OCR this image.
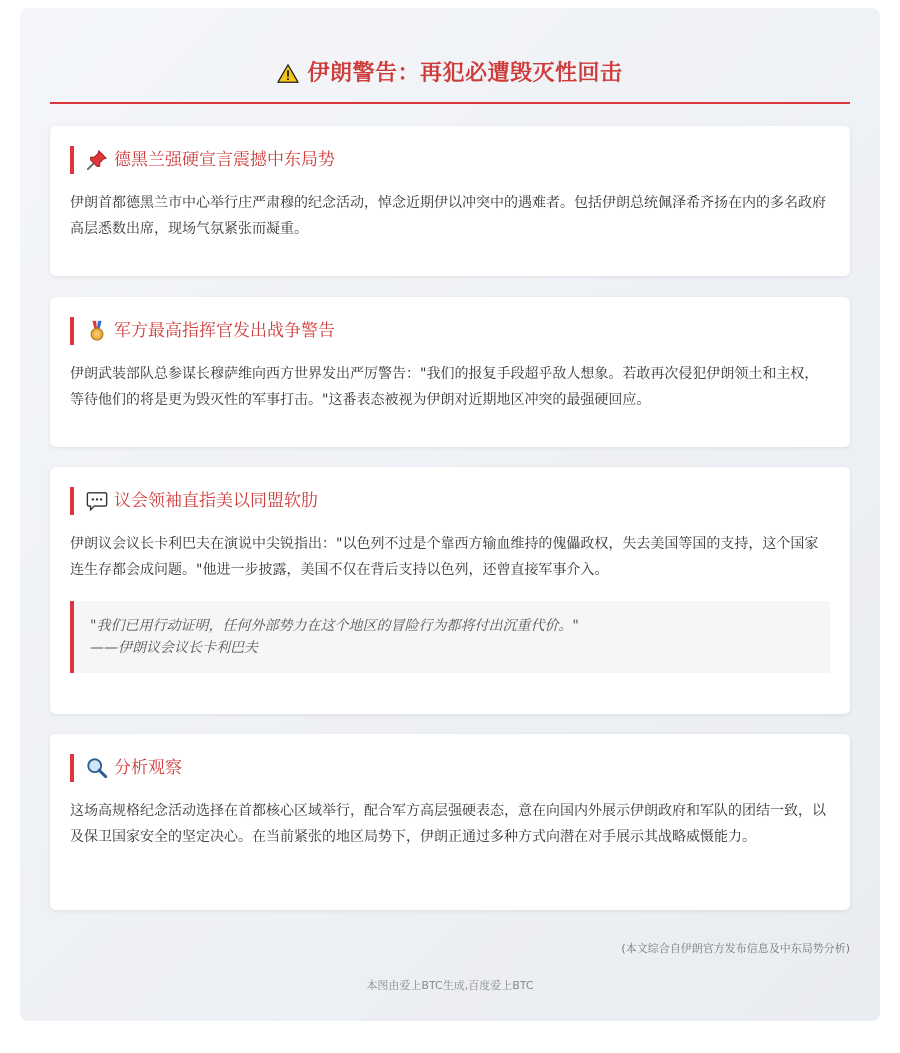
伊朗警告：再犯必遭毁灭性回击
德黑兰强硬宣言震撼中东局势

伊朗首都德黑兰市中心举行庄严肃穆的纪念活动，悼念近期伊以冲突中的遇难者。包括伊朗总统佩泽希齐扬在内的多名政府高层悉数出席，现场气氛紧张而凝重。

军方最高指挥官发出战争警告

伊朗武装部队总参谋长穆萨维向西方世界发出严厉警告："我们的报复手段超乎敌人想象。若敢再次侵犯伊朗领土和主权，等待他们的将是更为毁灭性的军事打击。"这番表态被视为伊朗对近期地区冲突的最强硬回应。

议会领袖直指美以同盟软肋

伊朗议会议长卡利巴夫在演说中尖锐指出："以色列不过是个靠西方输血维持的傀儡政权，失去美国等国的支持，这个国家连生存都会成问题。"他进一步披露，美国不仅在背后支持以色列，还曾直接军事介入。

"我们已用行动证明，任何外部势力在这个地区的冒险行为都将付出沉重代价。"
——伊朗议会议长卡利巴夫
分析观察

这场高规格纪念活动选择在首都核心区域举行，配合军方高层强硬表态，意在向国内外展示伊朗政府和军队的团结一致，以及保卫国家安全的坚定决心。在当前紧张的地区局势下，伊朗正通过多种方式向潜在对手展示其战略威慑能力。

(本文综合自伊朗官方发布信息及中东局势分析)
本图由爱上BTC生成,百度爱上BTC
